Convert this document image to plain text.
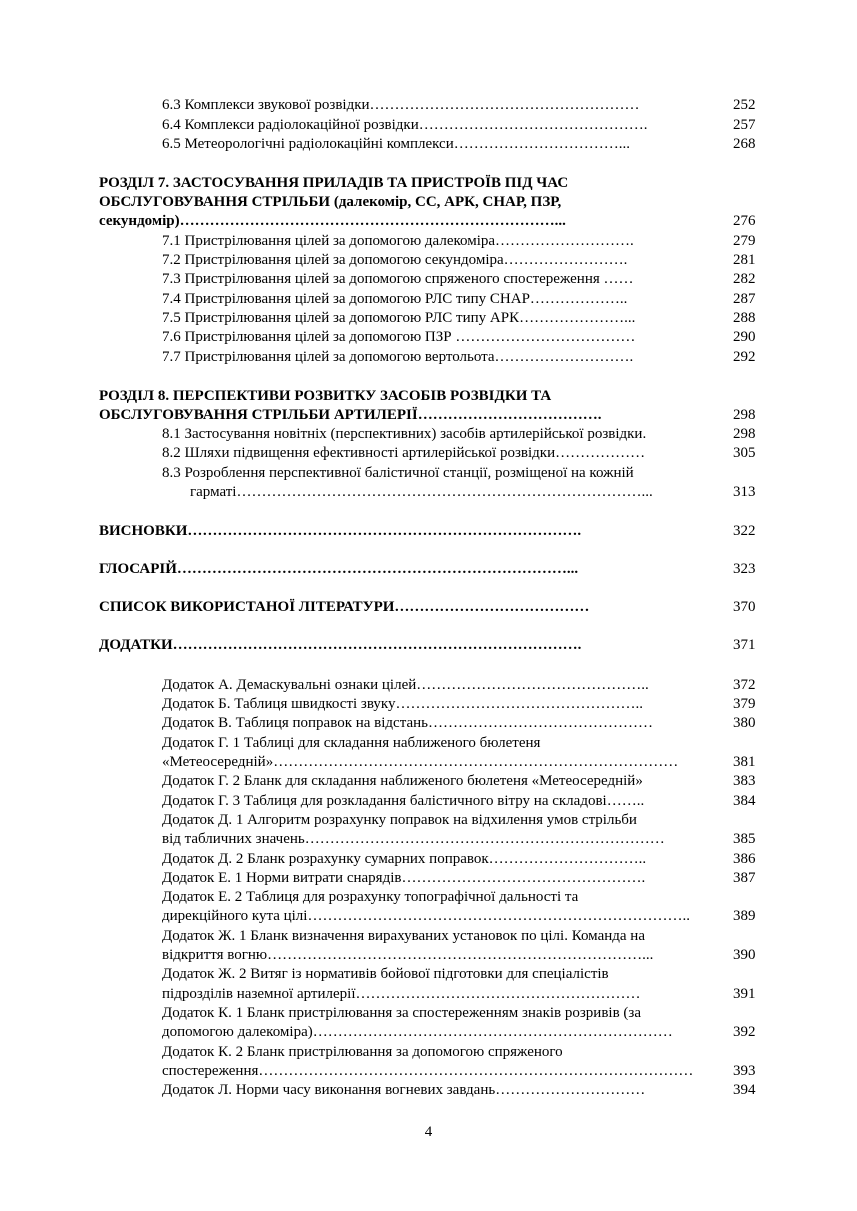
6.3 Комплекси звукової розвідки………………………………………………	252
6.4 Комплекси радіолокаційної розвідки……………………………………….	257
6.5 Метеорологічні радіолокаційні комплекси……………………………...	268
РОЗДІЛ 7. ЗАСТОСУВАННЯ ПРИЛАДІВ ТА ПРИСТРОЇВ ПІД ЧАС
ОБСЛУГОВУВАННЯ СТРІЛЬБИ (далекомір, СС, АРК, СНАР, ПЗР,
секундомір)…………………………………………………………………...	276
7.1 Пристрілювання цілей за допомогою далекоміра……………………….	279
7.2 Пристрілювання цілей за допомогою секундоміра…………………….	281
7.3 Пристрілювання цілей за допомогою спряженого спостереження ……	282
7.4 Пристрілювання цілей за допомогою РЛС типу СНАР………………..	287
7.5 Пристрілювання цілей за допомогою РЛС типу АРК…………………...	288
7.6 Пристрілювання цілей за допомогою ПЗР ………………………………	290
7.7 Пристрілювання цілей за допомогою вертольота……………………….	292
РОЗДІЛ 8. ПЕРСПЕКТИВИ РОЗВИТКУ ЗАСОБІВ РОЗВІДКИ ТА
ОБСЛУГОВУВАННЯ СТРІЛЬБИ АРТИЛЕРІЇ……………………………….	298
8.1 Застосування новітніх (перспективних) засобів артилерійської розвідки.	298
8.2 Шляхи підвищення ефективності артилерійської розвідки………………	305
8.3 Розроблення перспективної балістичної станції, розміщеної на кожній
гарматі………………………………………………………………………...	313
ВИСНОВКИ…………………………………………………………………….	322
ГЛОСАРІЙ……………………………………………………………………...	323
СПИСОК ВИКОРИСТАНОЇ ЛІТЕРАТУРИ…………………………………	370
ДОДАТКИ……………………………………………………………………….	371
Додаток А. Демаскувальні ознаки цілей………………………………………..	372
Додаток Б. Таблиця швидкості звуку…………………………………………..	379
Додаток В. Таблиця поправок на відстань………………………………………	380
Додаток Г. 1 Таблиці для складання наближеного бюлетеня
«Метеосередній»………………………………………………………………………	381
Додаток Г. 2 Бланк для складання наближеного бюлетеня «Метеосередній»	383
Додаток Г. 3 Таблиця для розкладання балістичного вітру на складові……..	384
Додаток Д. 1 Алгоритм розрахунку поправок на відхилення умов стрільби
від табличних значень………………………………………………………………	385
Додаток Д. 2 Бланк розрахунку сумарних поправок…………………………..	386
Додаток Е. 1 Норми витрати снарядів………………………………………….	387
Додаток Е. 2 Таблиця для розрахунку топографічної дальності та
дирекційного кута цілі…………………………………………………………………..	389
Додаток Ж. 1 Бланк визначення вирахуваних установок по цілі. Команда на
відкриття вогню…………………………………………………………………...	390
Додаток Ж. 2 Витяг із нормативів бойової підготовки для спеціалістів
підрозділів наземної артилерії…………………………………………………	391
Додаток К. 1 Бланк пристрілювання за спостереженням знаків розривів (за
допомогою далекоміра)………………………………………………………………	392
Додаток К. 2 Бланк пристрілювання за допомогою спряженого
спостереження……………………………………………………………………………	393
Додаток Л. Норми часу виконання вогневих завдань…………………………	394
4
